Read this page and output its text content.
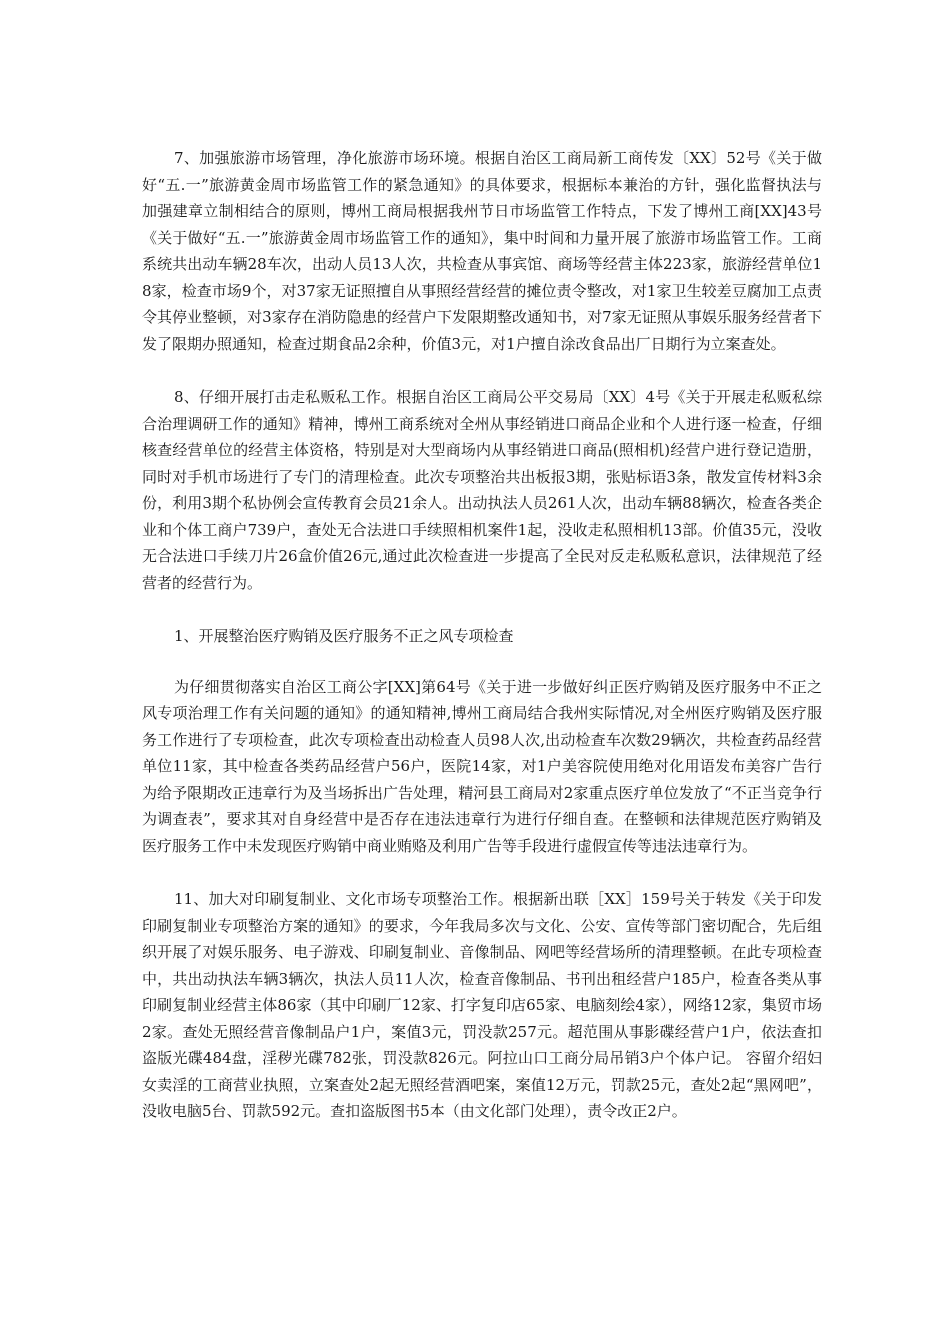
7、加强旅游市场管理，净化旅游市场环境。根据自治区工商局新工商传发〔XX〕52号《关于做好“五.一”旅游黄金周市场监管工作的紧急通知》的具体要求，根据标本兼治的方针，强化监督执法与加强建章立制相结合的原则，博州工商局根据我州节日市场监管工作特点，下发了博州工商[XX]43号《关于做好“五.一”旅游黄金周市场监管工作的通知》，集中时间和力量开展了旅游市场监管工作。工商系统共出动车辆28车次，出动人员13人次，共检查从事宾馆、商场等经营主体223家，旅游经营单位18家，检查市场9个，对37家无证照擅自从事照经营经营的摊位责令整改，对1家卫生较差豆腐加工点责令其停业整顿，对3家存在消防隐患的经营户下发限期整改通知书，对7家无证照从事娱乐服务经营者下发了限期办照通知，检查过期食品2余种，价值3元，对1户擅自涂改食品出厂日期行为立案查处。

8、仔细开展打击走私贩私工作。根据自治区工商局公平交易局〔XX〕4号《关于开展走私贩私综合治理调研工作的通知》精神，博州工商系统对全州从事经销进口商品企业和个人进行逐一检查，仔细核查经营单位的经营主体资格，特别是对大型商场内从事经销进口商品(照相机)经营户进行登记造册，同时对手机市场进行了专门的清理检查。此次专项整治共出板报3期，张贴标语3条，散发宣传材料3余份，利用3期个私协例会宣传教育会员21余人。出动执法人员261人次，出动车辆88辆次，检查各类企业和个体工商户739户，查处无合法进口手续照相机案件1起，没收走私照相机13部。价值35元，没收无合法进口手续刀片26盒价值26元,通过此次检查进一步提高了全民对反走私贩私意识，法律规范了经营者的经营行为。

1、开展整治医疗购销及医疗服务不正之风专项检查

为仔细贯彻落实自治区工商公字[XX]第64号《关于进一步做好纠正医疗购销及医疗服务中不正之风专项治理工作有关问题的通知》的通知精神,博州工商局结合我州实际情况,对全州医疗购销及医疗服务工作进行了专项检查，此次专项检查出动检查人员98人次,出动检查车次数29辆次，共检查药品经营单位11家，其中检查各类药品经营户56户，医院14家，对1户美容院使用绝对化用语发布美容广告行为给予限期改正违章行为及当场拆出广告处理，精河县工商局对2家重点医疗单位发放了“不正当竞争行为调查表”，要求其对自身经营中是否存在违法违章行为进行仔细自查。在整顿和法律规范医疗购销及医疗服务工作中未发现医疗购销中商业贿赂及利用广告等手段进行虚假宣传等违法违章行为。

11、加大对印刷复制业、文化市场专项整治工作。根据新出联［XX］159号关于转发《关于印发印刷复制业专项整治方案的通知》的要求，今年我局多次与文化、公安、宣传等部门密切配合，先后组织开展了对娱乐服务、电子游戏、印刷复制业、音像制品、网吧等经营场所的清理整顿。在此专项检查中，共出动执法车辆3辆次，执法人员11人次，检查音像制品、书刊出租经营户185户，检查各类从事印刷复制业经营主体86家（其中印刷厂12家、打字复印店65家、电脑刻绘4家），网络12家，集贸市场2家。查处无照经营音像制品户1户，案值3元，罚没款257元。超范围从事影碟经营户1户，依法查扣盗版光碟484盘，淫秽光碟782张，罚没款826元。阿拉山口工商分局吊销3户个体户记。 容留介绍妇女卖淫的工商营业执照，立案查处2起无照经营酒吧案，案值12万元，罚款25元，查处2起“黑网吧”，没收电脑5台、罚款592元。查扣盗版图书5本（由文化部门处理），责令改正2户。
